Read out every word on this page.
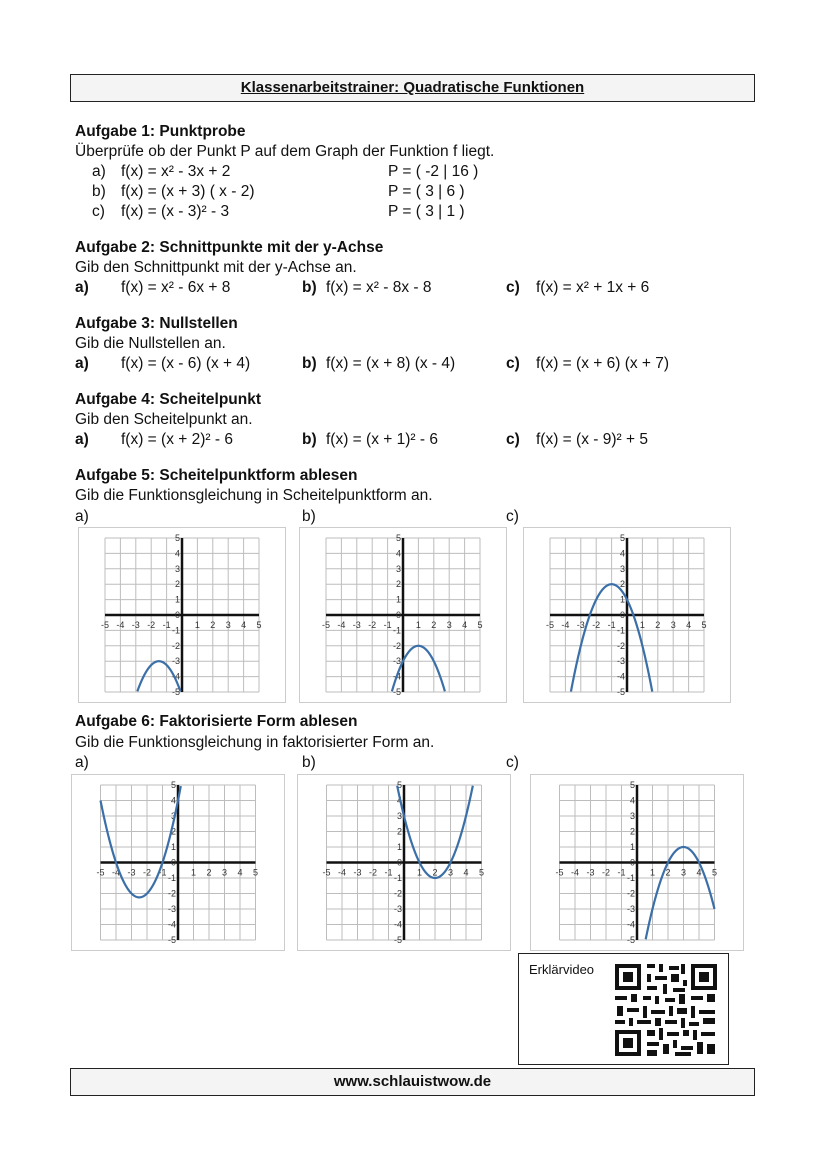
Klassenarbeitstrainer: Quadratische Funktionen
Aufgabe 1: Punktprobe
Überprüfe ob der Punkt P auf dem Graph der Funktion f liegt.
a) f(x) = x² - 3x + 2	P = ( -2 | 16 )
b) f(x) = (x + 3) ( x - 2)	P = ( 3 | 6 )
c) f(x) = (x - 3)² - 3	P = ( 3 | 1 )
Aufgabe 2: Schnittpunkte mit der y-Achse
Gib den Schnittpunkt mit der y-Achse an.
a) f(x) = x² - 6x + 8	b) f(x) = x² - 8x - 8	c) f(x) = x² + 1x + 6
Aufgabe 3: Nullstellen
Gib die Nullstellen an.
a) f(x) = (x - 6) (x + 4)	b) f(x) = (x + 8) (x - 4)	c) f(x) = (x + 6) (x + 7)
Aufgabe 4: Scheitelpunkt
Gib den Scheitelpunkt an.
a) f(x) = (x + 2)² - 6	b) f(x) = (x + 1)² - 6	c) f(x) = (x - 9)² + 5
Aufgabe 5: Scheitelpunktform ablesen
Gib die Funktionsgleichung in Scheitelpunktform an.
a)	b)	c)
-5
-5
-4
-4
-3
-3
-2
-2
-1
-1
1
1
2
2
3
3
4
4
5
5
0
-5
-5
-4
-4
-3
-3
-2
-2
-1
-1
1
1
2
2
3
3
4
4
5
5
0
-5
-5
-4
-4
-3
-3
-2
-2
-1
-1
1
1
2
2
3
3
4
4
5
5
0
Aufgabe 6: Faktorisierte Form ablesen
Gib die Funktionsgleichung in faktorisierter Form an.
a)	b)	c)
-5
-5
-4
-4
-3
-3
-2
-2
-1
-1
1
1
2
2
3
3
4
4
5
5
0
-5
-5
-4
-4
-3
-3
-2
-2
-1
-1
1
1
2
2
3
3
4
4
5
5
0
-5
-5
-4
-4
-3
-3
-2
-2
-1
-1
1
1
2
2
3
3
4
4
5
5
0
Erklärvideo
www.schlauistwow.de
